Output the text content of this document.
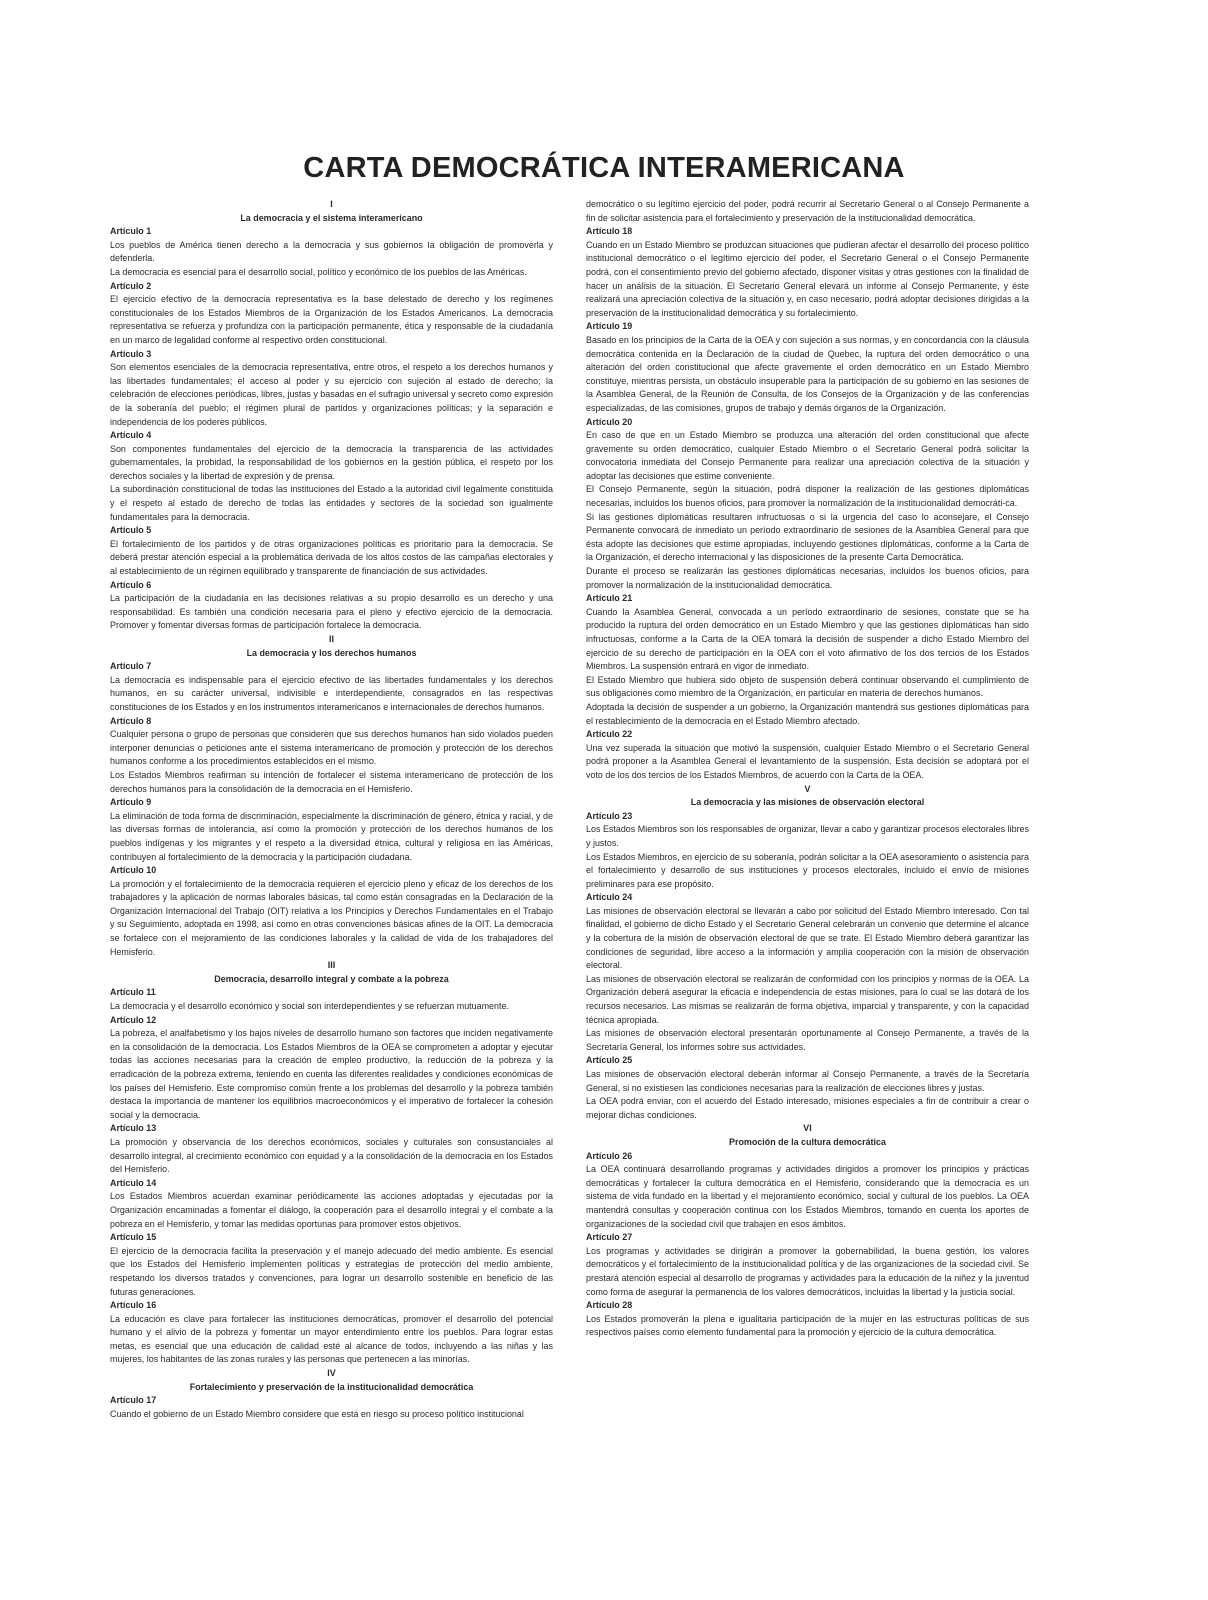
CARTA DEMOCRÁTICA INTERAMERICANA

I

La democracia y el sistema interamericano

Artículo 1

Los pueblos de América tienen derecho a la democracia y sus gobiernos la obligación de promoverla y defenderla.

La democracia es esencial para el desarrollo social, político y económico de los pueblos de las Américas.

Artículo 2

El ejercicio efectivo de la democracia representativa es la base delestado de derecho y los regímenes constitucionales de los Estados Miembros de la Organización de los Estados Americanos. La democracia representativa se refuerza y profundiza con la participación permanente, ética y responsable de la ciudadanía en un marco de legalidad conforme al respectivo orden constitucional.

Artículo 3

Son elementos esenciales de la democracia representativa, entre otros, el respeto a los derechos humanos y las libertades fundamentales; el acceso al poder y su ejercicio con sujeción al estado de derecho; la celebración de elecciones periódicas, libres, justas y basadas en el sufragio universal y secreto como expresión de la soberanía del pueblo; el régimen plural de partidos y organizaciones políticas; y la separación e independencia de los poderes públicos.

Artículo 4

Son componentes fundamentales del ejercicio de la democracia la transparencia de las actividades gubernamentales, la probidad, la responsabilidad de los gobiernos en la gestión pública, el respeto por los derechos sociales y la libertad de expresión y de prensa.

La subordinación constitucional de todas las instituciones del Estado a la autoridad civil legalmente constituida y el respeto al estado de derecho de todas las entidades y sectores de la sociedad son igualmente fundamentales para la democracia.

Artículo 5

El fortalecimiento de los partidos y de otras organizaciones políticas es prioritario para la democracia. Se deberá prestar atención especial a la problemática derivada de los altos costos de las campañas electorales y al establecimiento de un régimen equilibrado y transparente de financiación de sus actividades.

Artículo 6

La participación de la ciudadanía en las decisiones relativas a su propio desarrollo es un derecho y una responsabilidad. Es también una condición necesaria para el pleno y efectivo ejercicio de la democracia. Promover y fomentar diversas formas de participación fortalece la democracia.

II

La democracia y los derechos humanos

Artículo 7

La democracia es indispensable para el ejercicio efectivo de las libertades fundamentales y los derechos humanos, en su carácter universal, indivisible e interdependiente, consagrados en las respectivas constituciones de los Estados y en los instrumentos interamericanos e internacionales de derechos humanos.

Artículo 8

Cualquier persona o grupo de personas que consideren que sus derechos humanos han sido violados pueden interponer denuncias o peticiones ante el sistema interamericano de promoción y protección de los derechos humanos conforme a los procedimientos establecidos en el mismo.

Los Estados Miembros reafirman su intención de fortalecer el sistema interamericano de protección de los derechos humanos para la consolidación de la democracia en el Hemisferio.

Artículo 9

La eliminación de toda forma de discriminación, especialmente la discriminación de género, étnica y racial, y de las diversas formas de intolerancia, así como la promoción y protección de los derechos humanos de los pueblos indígenas y los migrantes y el respeto a la diversidad étnica, cultural y religiosa en las Américas, contribuyen al fortalecimiento de la democracia y la participación ciudadana.

Artículo 10

La promoción y el fortalecimiento de la democracia requieren el ejercicio pleno y eficaz de los derechos de los trabajadores y la aplicación de normas laborales básicas, tal como están consagradas en la Declaración de la Organización Internacional del Trabajo (OIT) relativa a los Principios y Derechos Fundamentales en el Trabajo y su Seguimiento, adoptada en 1998, así como en otras convenciones básicas afines de la OIT. La democracia se fortalece con el mejoramiento de las condiciones laborales y la calidad de vida de los trabajadores del Hemisferio.

III

Democracia, desarrollo integral y combate a la pobreza

Artículo 11

La democracia y el desarrollo económico y social son interdependientes y se refuerzan mutuamente.

Artículo 12

La pobreza, el analfabetismo y los bajos niveles de desarrollo humano son factores que inciden negativamente en la consolidación de la democracia. Los Estados Miembros de la OEA se comprometen a adoptar y ejecutar todas las acciones necesarias para la creación de empleo productivo, la reducción de la pobreza y la erradicación de la pobreza extrema, teniendo en cuenta las diferentes realidades y condiciones económicas de los países del Hemisferio. Este compromiso común frente a los problemas del desarrollo y la pobreza también destaca la importancia de mantener los equilibrios macroeconómicos y el imperativo de fortalecer la cohesión social y la democracia.

Artículo 13

La promoción y observancia de los derechos económicos, sociales y culturales son consustanciales al desarrollo integral, al crecimiento económico con equidad y a la consolidación de la democracia en los Estados del Hemisferio.

Artículo 14

Los Estados Miembros acuerdan examinar periódicamente las acciones adoptadas y ejecutadas por la Organización encaminadas a fomentar el diálogo, la cooperación para el desarrollo integral y el combate a la pobreza en el Hemisferio, y tomar las medidas oportunas para promover estos objetivos.

Artículo 15

El ejercicio de la democracia facilita la preservación y el manejo adecuado del medio ambiente. Es esencial que los Estados del Hemisferio implementen políticas y estrategias de protección del medio ambiente, respetando los diversos tratados y convenciones, para lograr un desarrollo sostenible en beneficio de las futuras generaciones.

Artículo 16

La educación es clave para fortalecer las instituciones democráticas, promover el desarrollo del potencial humano y el alivio de la pobreza y fomentar un mayor entendimiento entre los pueblos. Para lograr estas metas, es esencial que una educación de calidad esté al alcance de todos, incluyendo a las niñas y las mujeres, los habitantes de las zonas rurales y las personas que pertenecen a las minorías.

IV

Fortalecimiento y preservación de la institucionalidad democrática

Artículo 17

Cuando el gobierno de un Estado Miembro considere que está en riesgo su proceso político institucional

democrático o su legítimo ejercicio del poder, podrá recurrir al Secretario General o al Consejo Permanente a fin de solicitar asistencia para el fortalecimiento y preservación de la institucionalidad democrática.

Artículo 18

Cuando en un Estado Miembro se produzcan situaciones que pudieran afectar el desarrollo del proceso político institucional democrático o el legítimo ejercicio del poder, el Secretario General o el Consejo Permanente podrá, con el consentimiento previo del gobierno afectado, disponer visitas y otras gestiones con la finalidad de hacer un análisis de la situación. El Secretario General elevará un informe al Consejo Permanente, y éste realizará una apreciación colectiva de la situación y, en caso necesario, podrá adoptar decisiones dirigidas a la preservación de la institucionalidad democrática y su fortalecimiento.

Artículo 19

Basado en los principios de la Carta de la OEA y con sujeción a sus normas, y en concordancia con la cláusula democrática contenida en la Declaración de la ciudad de Quebec, la ruptura del orden democrático o una alteración del orden constitucional que afecte gravemente el orden democrático en un Estado Miembro constituye, mientras persista, un obstáculo insuperable para la participación de su gobierno en las sesiones de la Asamblea General, de la Reunión de Consulta, de los Consejos de la Organización y de las conferencias especializadas, de las comisiones, grupos de trabajo y demás órganos de la Organización.

Artículo 20

En caso de que en un Estado Miembro se produzca una alteración del orden constitucional que afecte gravemente su orden democrático, cualquier Estado Miembro o el Secretario General podrá solicitar la convocatoria inmediata del Consejo Permanente para realizar una apreciación colectiva de la situación y adoptar las decisiones que estime conveniente.

El Consejo Permanente, según la situación, podrá disponer la realización de las gestiones diplomáticas necesarias, incluidos los buenos oficios, para promover la normalización de la institucionalidad democráti-ca.

Si las gestiones diplomáticas resultaren infructuosas o si la urgencia del caso lo aconsejare, el Consejo Permanente convocará de inmediato un período extraordinario de sesiones de la Asamblea General para que ésta adopte las decisiones que estime apropiadas, incluyendo gestiones diplomáticas, conforme a la Carta de la Organización, el derecho internacional y las disposiciones de la presente Carta Democrática.

Durante el proceso se realizarán las gestiones diplomáticas necesarias, incluidos los buenos oficios, para promover la normalización de la institucionalidad democrática.

Artículo 21

Cuando la Asamblea General, convocada a un período extraordinario de sesiones, constate que se ha producido la ruptura del orden democrático en un Estado Miembro y que las gestiones diplomáticas han sido infructuosas, conforme a la Carta de la OEA tomará la decisión de suspender a dicho Estado Miembro del ejercicio de su derecho de participación en la OEA con el voto afirmativo de los dos tercios de los Estados Miembros. La suspensión entrará en vigor de inmediato.

El Estado Miembro que hubiera sido objeto de suspensión deberá continuar observando el cumplimiento de sus obligaciones como miembro de la Organización, en particular en materia de derechos humanos.

Adoptada la decisión de suspender a un gobierno, la Organización mantendrá sus gestiones diplomáticas para el restablecimiento de la democracia en el Estado Miembro afectado.

Artículo 22

Una vez superada la situación que motivó la suspensión, cualquier Estado Miembro o el Secretario General podrá proponer a la Asamblea General el levantamiento de la suspensión. Esta decisión se adoptará por el voto de los dos tercios de los Estados Miembros, de acuerdo con la Carta de la OEA.

V

La democracia y las misiones de observación electoral

Artículo 23

Los Estados Miembros son los responsables de organizar, llevar a cabo y garantizar procesos electorales libres y justos.

Los Estados Miembros, en ejercicio de su soberanía, podrán solicitar a la OEA asesoramiento o asistencia para el fortalecimiento y desarrollo de sus instituciones y procesos electorales, incluido el envío de misiones preliminares para ese propósito.

Artículo 24

Las misiones de observación electoral se llevarán a cabo por solicitud del Estado Miembro interesado. Con tal finalidad, el gobierno de dicho Estado y el Secretario General celebrarán un convenio que determine el alcance y la cobertura de la misión de observación electoral de que se trate. El Estado Miembro deberá garantizar las condiciones de seguridad, libre acceso a la información y amplia cooperación con la misión de observación electoral.

Las misiones de observación electoral se realizarán de conformidad con los principios y normas de la OEA. La Organización deberá asegurar la eficacia e independencia de estas misiones, para lo cual se las dotará de los recursos necesarios. Las mismas se realizarán de forma objetiva, imparcial y transparente, y con la capacidad técnica apropiada.

Las misiones de observación electoral presentarán oportunamente al Consejo Permanente, a través de la Secretaría General, los informes sobre sus actividades.

Artículo 25

Las misiones de observación electoral deberán informar al Consejo Permanente, a través de la Secretaría General, si no existiesen las condiciones necesarias para la realización de elecciones libres y justas.

La OEA podrá enviar, con el acuerdo del Estado interesado, misiones especiales a fin de contribuir a crear o mejorar dichas condiciones.

VI

Promoción de la cultura democrática

Artículo 26

La OEA continuará desarrollando programas y actividades dirigidos a promover los principios y prácticas democráticas y fortalecer la cultura democrática en el Hemisferio, considerando que la democracia es un sistema de vida fundado en la libertad y el mejoramiento económico, social y cultural de los pueblos. La OEA mantendrá consultas y cooperación continua con los Estados Miembros, tomando en cuenta los aportes de organizaciones de la sociedad civil que trabajen en esos ámbitos.

Artículo 27

Los programas y actividades se dirigirán a promover la gobernabilidad, la buena gestión, los valores democráticos y el fortalecimiento de la institucionalidad política y de las organizaciones de la sociedad civil. Se prestará atención especial al desarrollo de programas y actividades para la educación de la niñez y la juventud como forma de asegurar la permanencia de los valores democráticos, incluidas la libertad y la justicia social.

Artículo 28

Los Estados promoverán la plena e igualitaria participación de la mujer en las estructuras políticas de sus respectivos países como elemento fundamental para la promoción y ejercicio de la cultura democrática.
